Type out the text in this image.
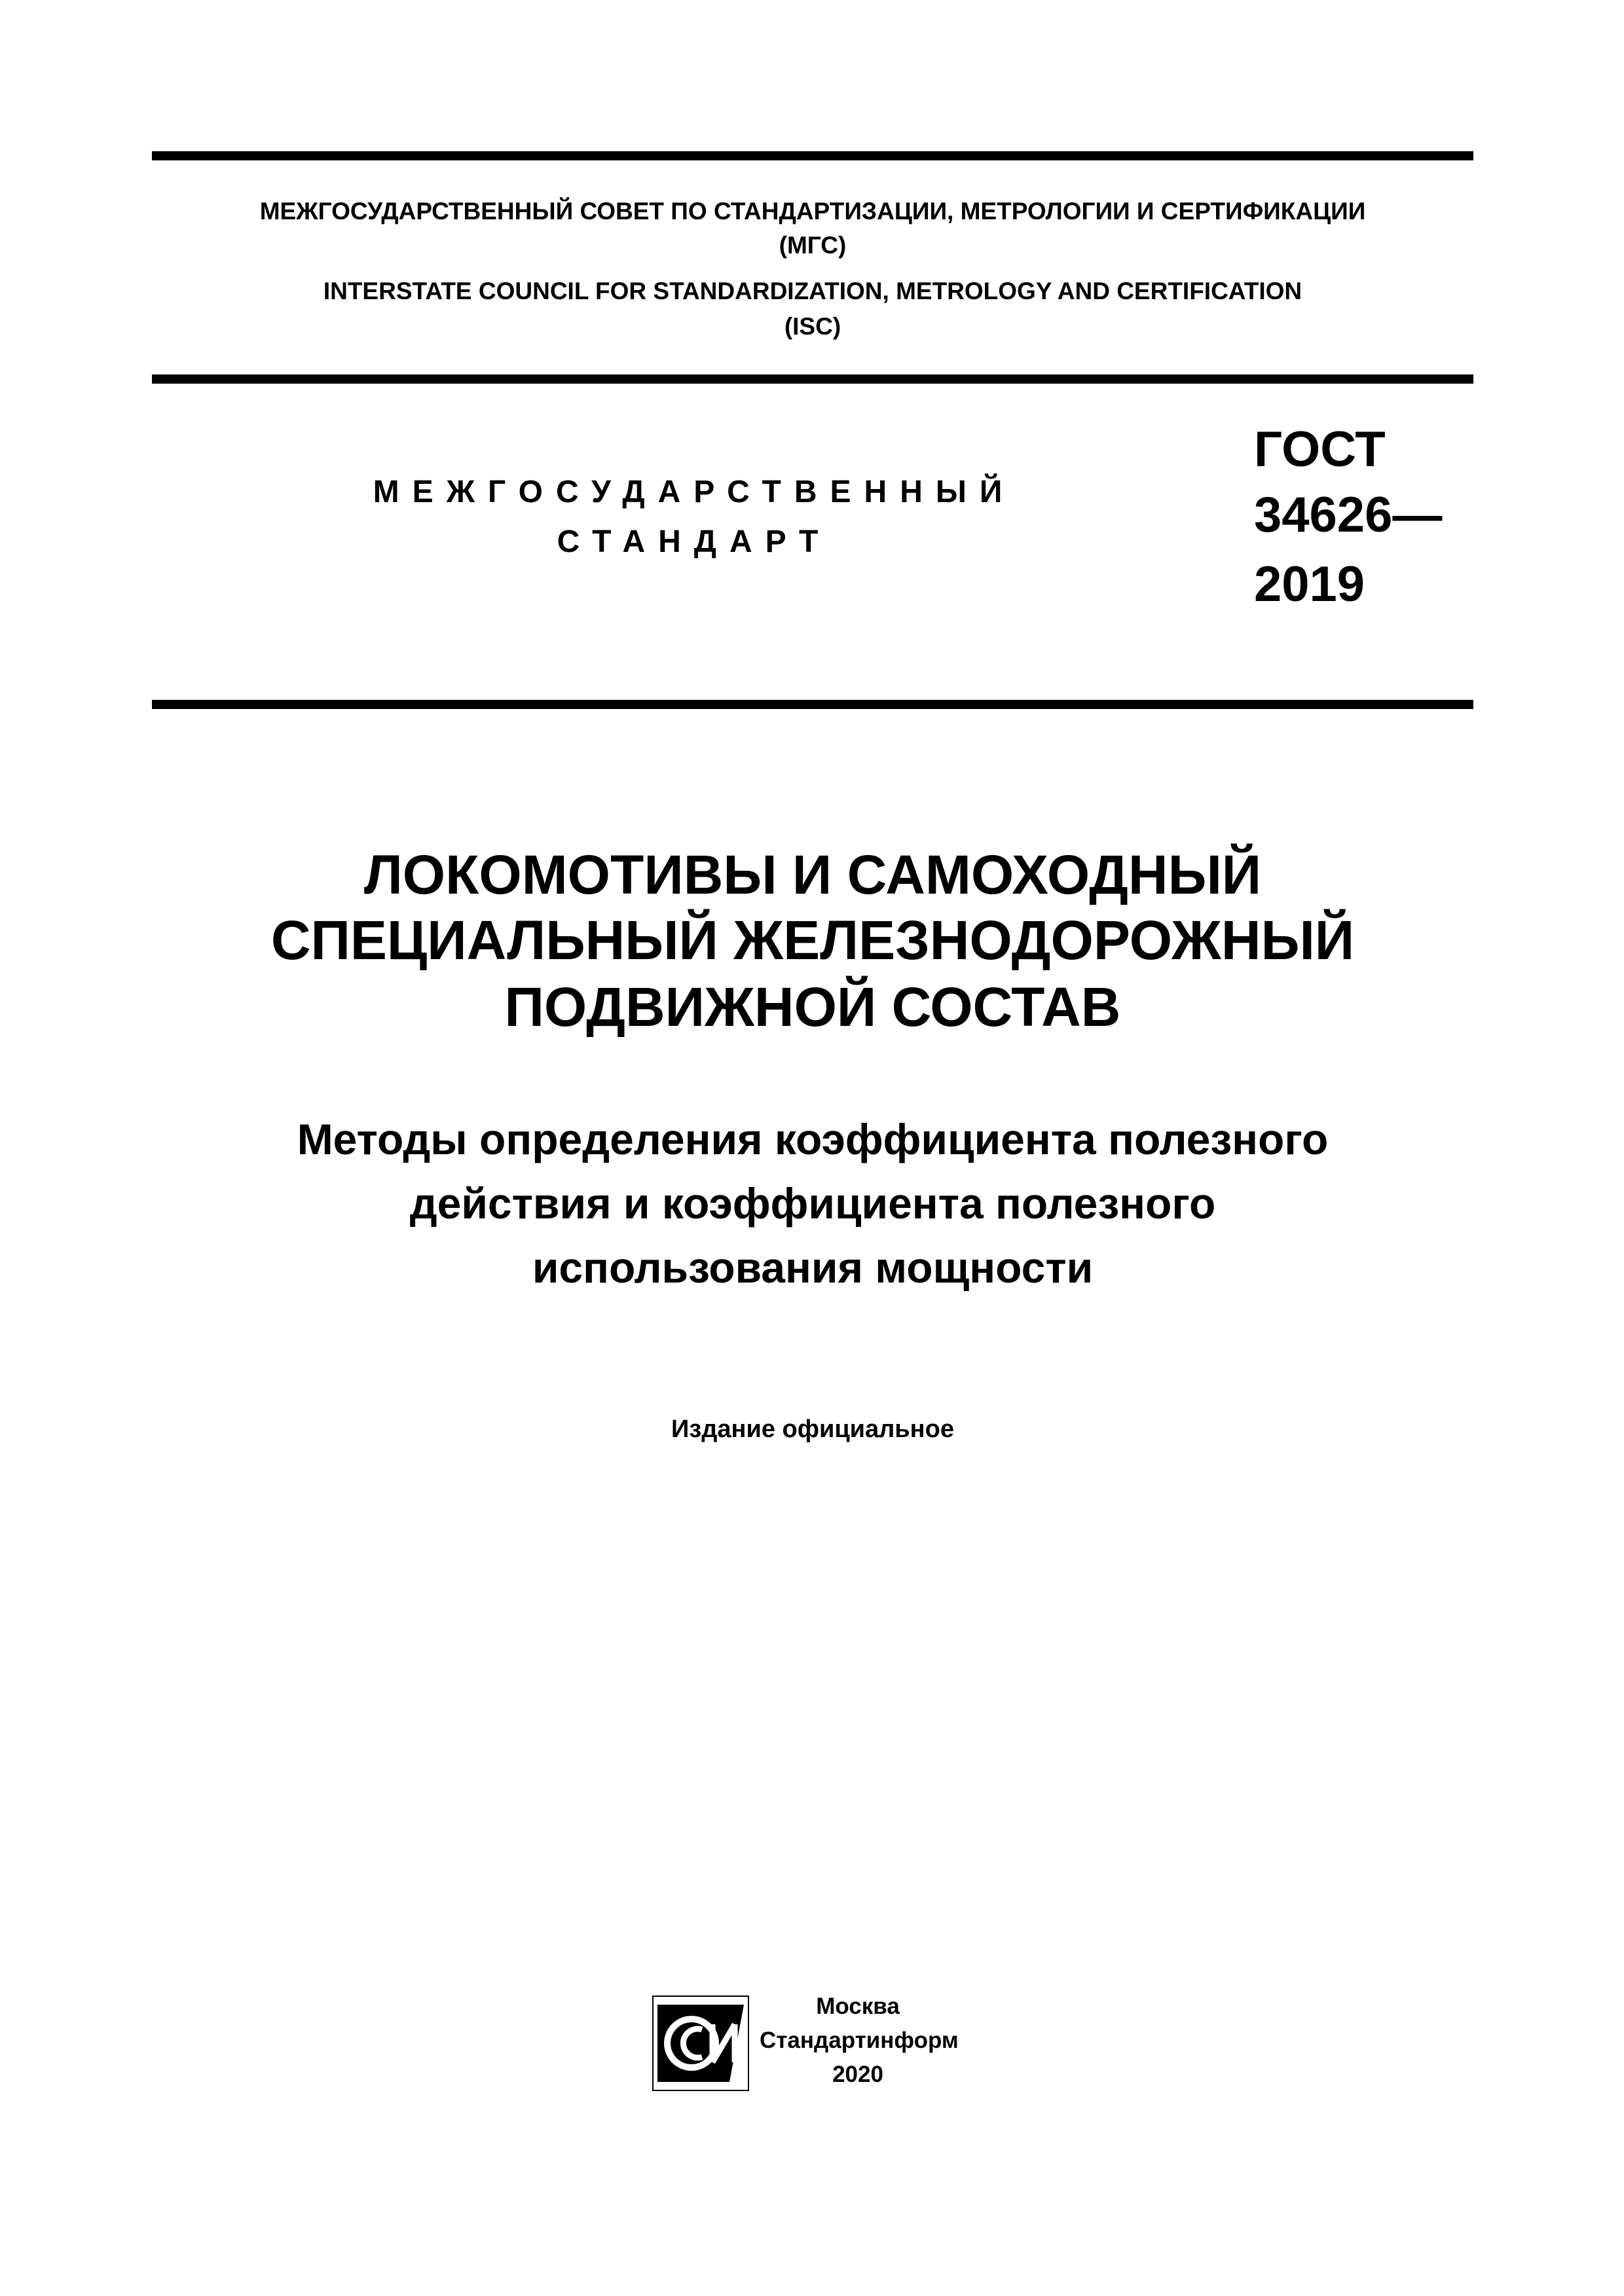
МЕЖГОСУДАРСТВЕННЫЙ СОВЕТ ПО СТАНДАРТИЗАЦИИ, МЕТРОЛОГИИ И СЕРТИФИКАЦИИ
(МГС)
INTERSTATE COUNCIL FOR STANDARDIZATION, METROLOGY AND CERTIFICATION
(ISC)
МЕЖГОСУДАРСТВЕННЫЙ
СТАНДАРТ
ГОСТ
34626—
2019
ЛОКОМОТИВЫ И САМОХОДНЫЙ
СПЕЦИАЛЬНЫЙ ЖЕЛЕЗНОДОРОЖНЫЙ
ПОДВИЖНОЙ СОСТАВ
Методы определения коэффициента полезного
действия и коэффициента полезного
использования мощности
Издание официальное
Москва
Стандартинформ
2020
